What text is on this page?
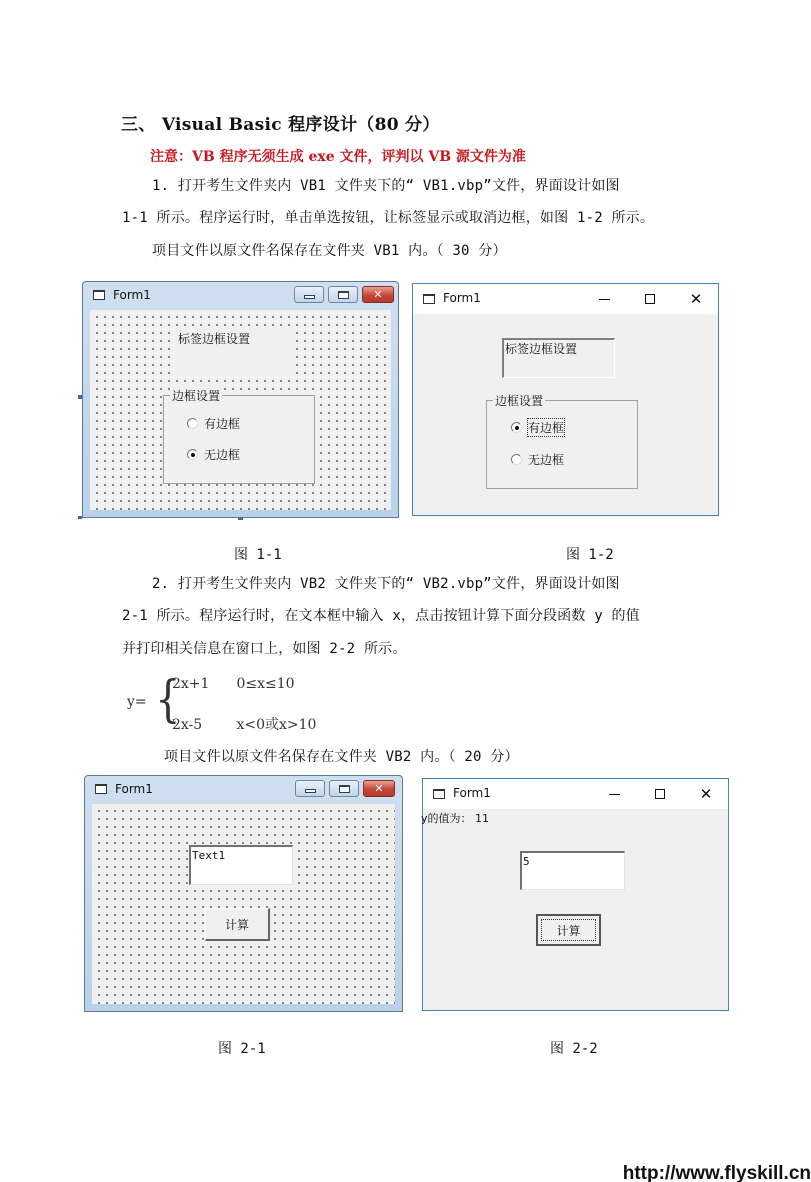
三、 Visual Basic 程序设计（80 分）
注意：VB 程序无须生成 exe 文件，评判以 VB 源文件为准
1. 打开考生文件夹内 VB1 文件夹下的“ VB1.vbp”文件，界面设计如图
1-1 所示。程序运行时，单击单选按钮，让标签显示或取消边框，如图 1-2 所示。
项目文件以原文件名保存在文件夹 VB1 内。（ 30 分）
Form1	✕
标签边框设置
边框设置
有边框
无边框
Form1	✕
标签边框设置
边框设置
有边框
无边框
图 1-1	图 1-2
2. 打开考生文件夹内 VB2 文件夹下的“ VB2.vbp”文件，界面设计如图
2-1 所示。程序运行时，在文本框中输入 x，点击按钮计算下面分段函数 y 的值
并打印相关信息在窗口上，如图 2-2 所示。
y= {
2x+1 0≤x≤10
2x-5 x<0或x>10
项目文件以原文件名保存在文件夹 VB2 内。（ 20 分）
Form1	✕
Text1
计算
Form1	✕
y的值为： 11
5
计算
图 2-1	图 2-2
http://www.flyskill.cn
